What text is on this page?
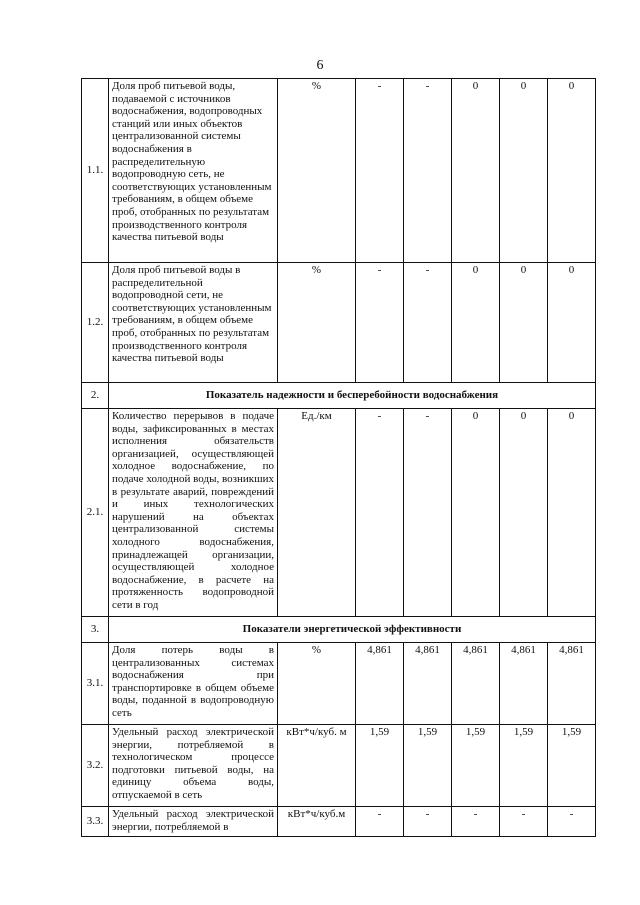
6
1.1.	Доля проб питьевой воды, подаваемой с источников водоснабжения, водопроводных станций или иных объектов централизованной системы водоснабжения в распределительную водопроводную сеть, не соответствующих установленным требованиям, в общем объеме проб, отобранных по результатам производственного контроля качества питьевой воды	%	-	-	0	0	0
1.2.	Доля проб питьевой воды в распределительной водопроводной сети, не соответствующих установленным требованиям, в общем объеме проб, отобранных по результатам производственного контроля качества питьевой воды	%	-	-	0	0	0
2.	Показатель надежности и бесперебойности водоснабжения						
2.1.	Количество перерывов в подаче воды, зафиксированных в местах исполнения обязательств организацией, осуществляющей холодное водоснабжение, по подаче холодной воды, возникших в результате аварий, повреждений и иных технологических нарушений на объектах централизованной системы холодного водоснабжения, принадлежащей организации, осуществляющей холодное водоснабжение, в расчете на протяженность водопроводной сети в год	Ед./км	-	-	0	0	0
3.	Показатели энергетической эффективности						
3.1.	Доля потерь воды в централизованных системах водоснабжения при транспортировке в общем объеме воды, поданной в водопроводную сеть	%	4,861	4,861	4,861	4,861	4,861
3.2.	Удельный расход электрической энергии, потребляемой в технологическом процессе подготовки питьевой воды, на единицу объема воды, отпускаемой в сеть	кВт*ч/куб. м	1,59	1,59	1,59	1,59	1,59
3.3.	Удельный расход электрической энергии, потребляемой в	кВт*ч/куб.м	-	-	-	-	-
